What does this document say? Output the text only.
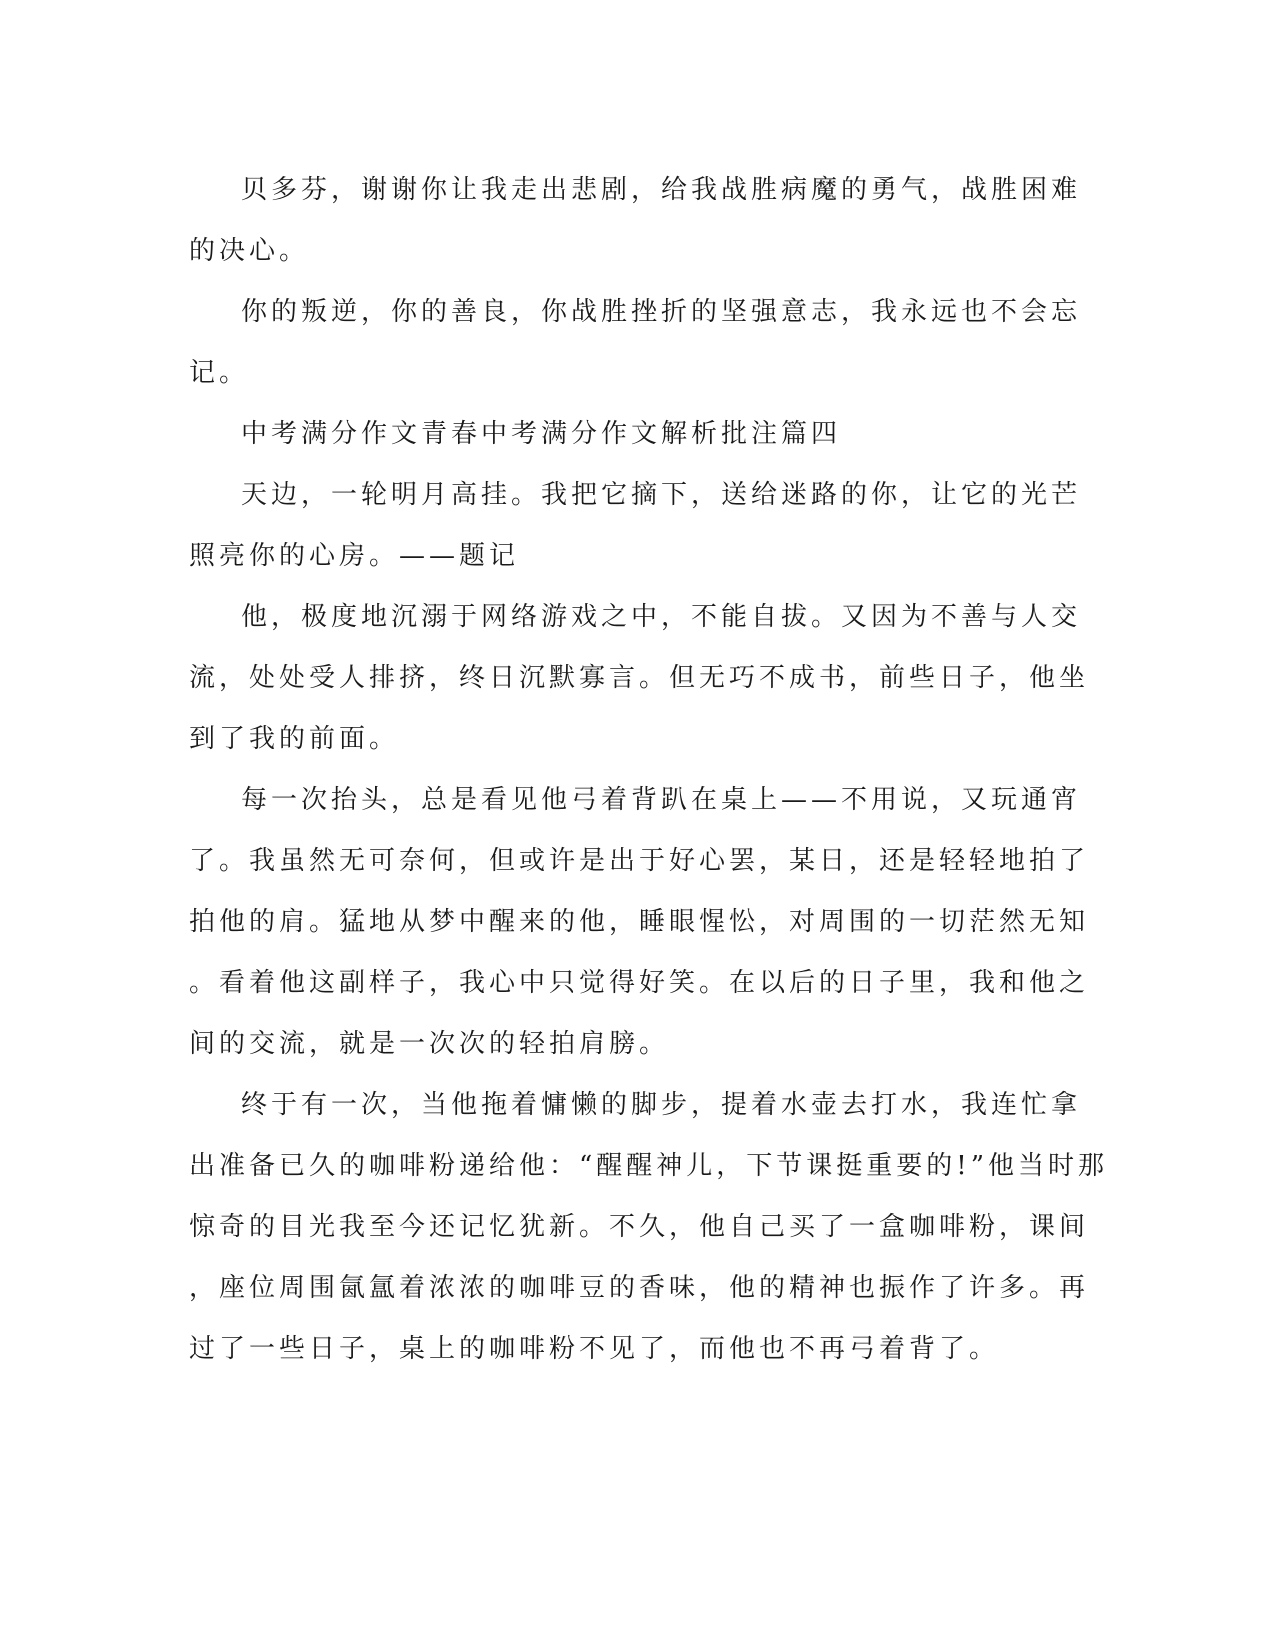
贝多芬，谢谢你让我走出悲剧，给我战胜病魔的勇气，战胜困难
的决心。

你的叛逆，你的善良，你战胜挫折的坚强意志，我永远也不会忘
记。

中考满分作文青春中考满分作文解析批注篇四

天边，一轮明月高挂。我把它摘下，送给迷路的你，让它的光芒
照亮你的心房。——题记

他，极度地沉溺于网络游戏之中，不能自拔。又因为不善与人交
流，处处受人排挤，终日沉默寡言。但无巧不成书，前些日子，他坐
到了我的前面。

每一次抬头，总是看见他弓着背趴在桌上——不用说，又玩通宵
了。我虽然无可奈何，但或许是出于好心罢，某日，还是轻轻地拍了
拍他的肩。猛地从梦中醒来的他，睡眼惺忪，对周围的一切茫然无知
。看着他这副样子，我心中只觉得好笑。在以后的日子里，我和他之
间的交流，就是一次次的轻拍肩膀。

终于有一次，当他拖着慵懒的脚步，提着水壶去打水，我连忙拿
出准备已久的咖啡粉递给他：“醒醒神儿，下节课挺重要的!”他当时那
惊奇的目光我至今还记忆犹新。不久，他自己买了一盒咖啡粉，课间
，座位周围氤氲着浓浓的咖啡豆的香味，他的精神也振作了许多。再
过了一些日子，桌上的咖啡粉不见了，而他也不再弓着背了。
